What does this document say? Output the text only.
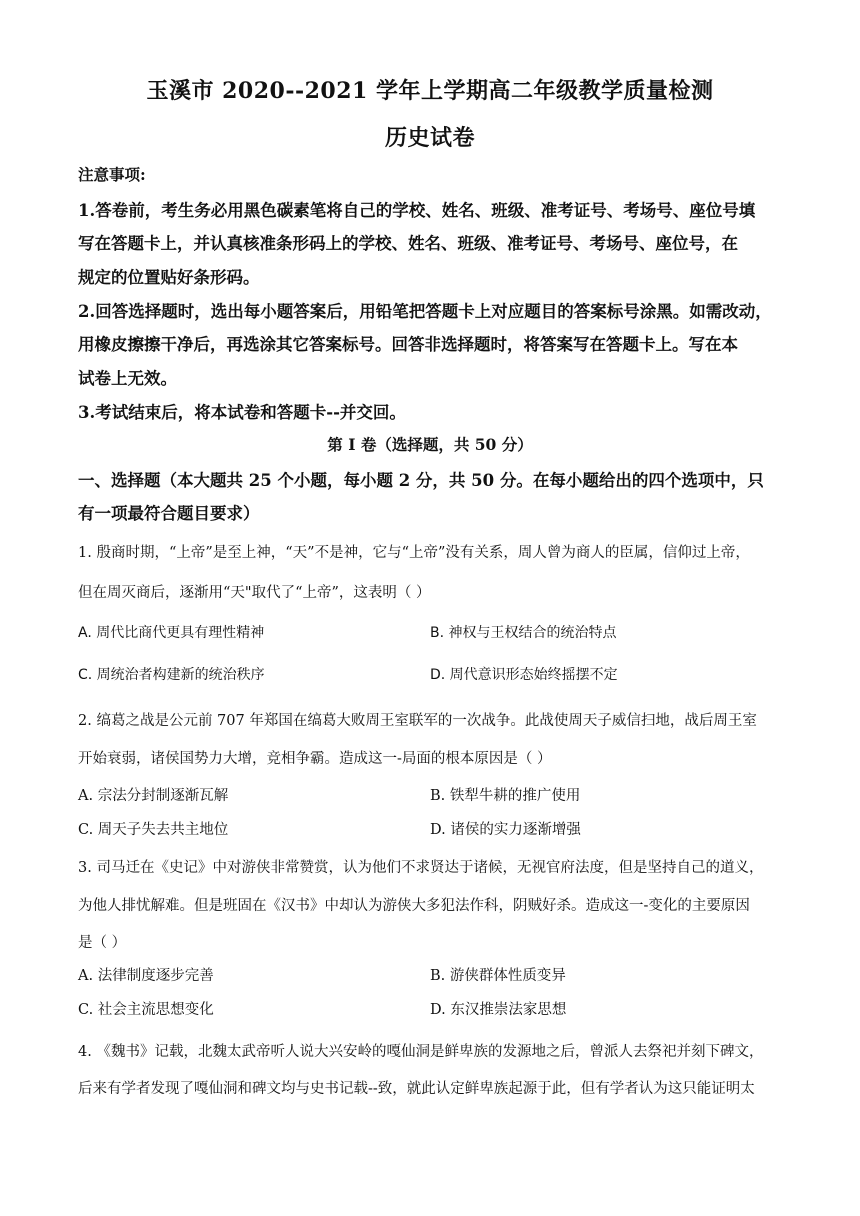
玉溪市 2020--2021 学年上学期高二年级教学质量检测
历史试卷
注意事项:
1.答卷前，考生务必用黑色碳素笔将自己的学校、姓名、班级、准考证号、考场号、座位号填
写在答题卡上，并认真核准条形码上的学校、姓名、班级、准考证号、考场号、座位号，在
规定的位置贴好条形码。
2.回答选择题时，选出每小题答案后，用铅笔把答题卡上对应题目的答案标号涂黑。如需改动，
用橡皮擦擦干净后，再选涂其它答案标号。回答非选择题时，将答案写在答题卡上。写在本
试卷上无效。
3.考试结束后，将本试卷和答题卡--并交回。
第 I 卷（选择题，共 50 分）
一、选择题（本大题共 25 个小题，每小题 2 分，共 50 分。在每小题给出的四个选项中，只
有一项最符合题目要求）
1. 殷商时期，“上帝”是至上神，“天”不是神，它与“上帝”没有关系，周人曾为商人的臣属，信仰过上帝，
但在周灭商后，逐渐用“天"取代了“上帝”，这表明（ ）
A. 周代比商代更具有理性精神	B. 神权与王权结合的统治特点
C. 周统治者构建新的统治秩序	D. 周代意识形态始终摇摆不定
2. 缟葛之战是公元前 707 年郑国在缟葛大败周王室联军的一次战争。此战使周天子威信扫地，战后周王室
开始衰弱，诸侯国势力大增，竞相争霸。造成这一-局面的根本原因是（ ）
A. 宗法分封制逐渐瓦解	B. 铁犁牛耕的推广使用
C. 周天子失去共主地位	D. 诸侯的实力逐渐增强
3. 司马迁在《史记》中对游侠非常赞赏，认为他们不求贤达于诸候，无视官府法度，但是坚持自己的道义，
为他人排忧解难。但是班固在《汉书》中却认为游侠大多犯法作科，阴贼好杀。造成这一-变化的主要原因
是（ ）
A. 法律制度逐步完善	B. 游侠群体性质变异
C. 社会主流思想变化	D. 东汉推崇法家思想
4. 《魏书》记载，北魏太武帝听人说大兴安岭的嘎仙洞是鲜卑族的发源地之后，曾派人去祭祀并刻下碑文，
后来有学者发现了嘎仙洞和碑文均与史书记载--致，就此认定鲜卑族起源于此，但有学者认为这只能证明太
